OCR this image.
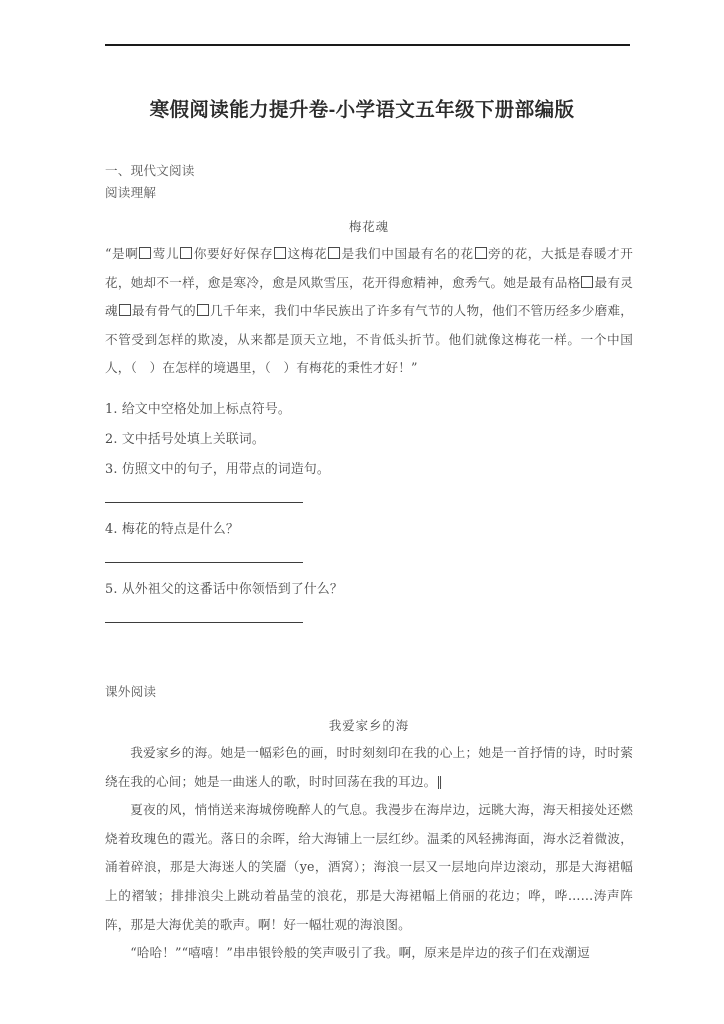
寒假阅读能力提升卷-小学语文五年级下册部编版
一、现代文阅读
阅读理解
梅花魂

“是啊 莺儿 你要好好保存 这梅花 是我们中国最有名的花 旁的花，大抵是春暖才开花，她却不一样，愈是寒冷，愈是风欺雪压，花开得愈精神，愈秀气。她是最有品格 最有灵魂 最有骨气的 几千年来，我们中华民族出了许多有气节的人物，他们不管历经多少磨难，不管受到怎样的欺凌，从来都是顶天立地，不肯低头折节。他们就像这梅花一样。一个中国人，（　）在怎样的境遇里，（　）有梅花的秉性才好！”

1. 给文中空格处加上标点符号。
2. 文中括号处填上关联词。
3. 仿照文中的句子，用带点的词造句。
4. 梅花的特点是什么？
5. 从外祖父的这番话中你领悟到了什么？
课外阅读
我爱家乡的海

我爱家乡的海。她是一幅彩色的画，时时刻刻印在我的心上；她是一首抒情的诗，时时萦绕在我的心间；她是一曲迷人的歌，时时回荡在我的耳边。‖

夏夜的风，悄悄送来海城傍晚醉人的气息。我漫步在海岸边，远眺大海，海天相接处还燃烧着玫瑰色的霞光。落日的余晖，给大海铺上一层红纱。温柔的风轻拂海面，海水泛着微波，涌着碎浪，那是大海迷人的笑靥（ye，酒窝）；海浪一层又一层地向岸边滚动，那是大海裙幅上的褶皱；排排浪尖上跳动着晶莹的浪花，那是大海裙幅上俏丽的花边；哗，哗……涛声阵阵，那是大海优美的歌声。啊！好一幅壮观的海浪图。

“哈哈！”“嘻嘻！”串串银铃般的笑声吸引了我。啊，原来是岸边的孩子们在戏潮逗
